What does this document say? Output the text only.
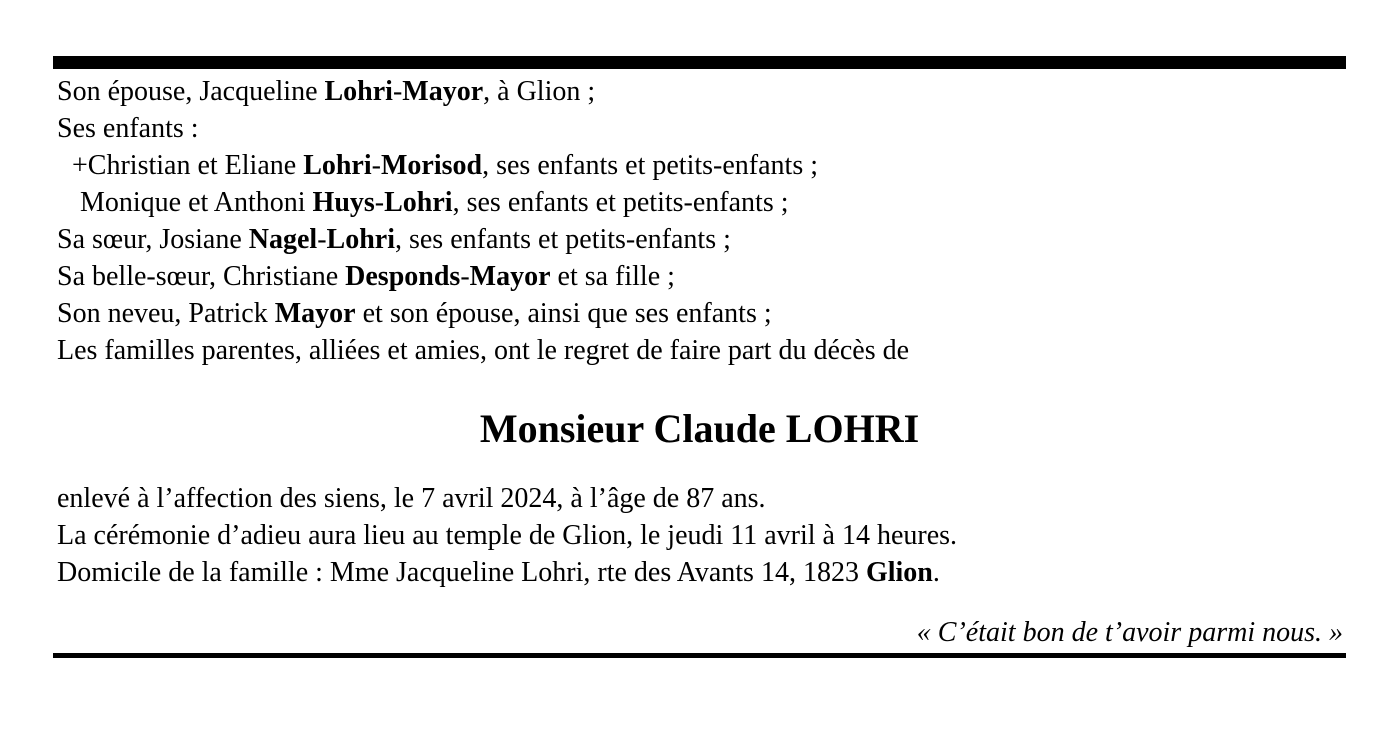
Son épouse, Jacqueline Lohri-Mayor, à Glion ;
Ses enfants :
+Christian et Eliane Lohri-Morisod, ses enfants et petits-enfants ;
Monique et Anthoni Huys-Lohri, ses enfants et petits-enfants ;
Sa sœur, Josiane Nagel-Lohri, ses enfants et petits-enfants ;
Sa belle-sœur, Christiane Desponds-Mayor et sa fille ;
Son neveu, Patrick Mayor et son épouse, ainsi que ses enfants ;
Les familles parentes, alliées et amies, ont le regret de faire part du décès de
Monsieur Claude LOHRI
enlevé à l’affection des siens, le 7 avril 2024, à l’âge de 87 ans.
La cérémonie d’adieu aura lieu au temple de Glion, le jeudi 11 avril à 14 heures.
Domicile de la famille : Mme Jacqueline Lohri, rte des Avants 14, 1823 Glion.
« C’était bon de t’avoir parmi nous. »
